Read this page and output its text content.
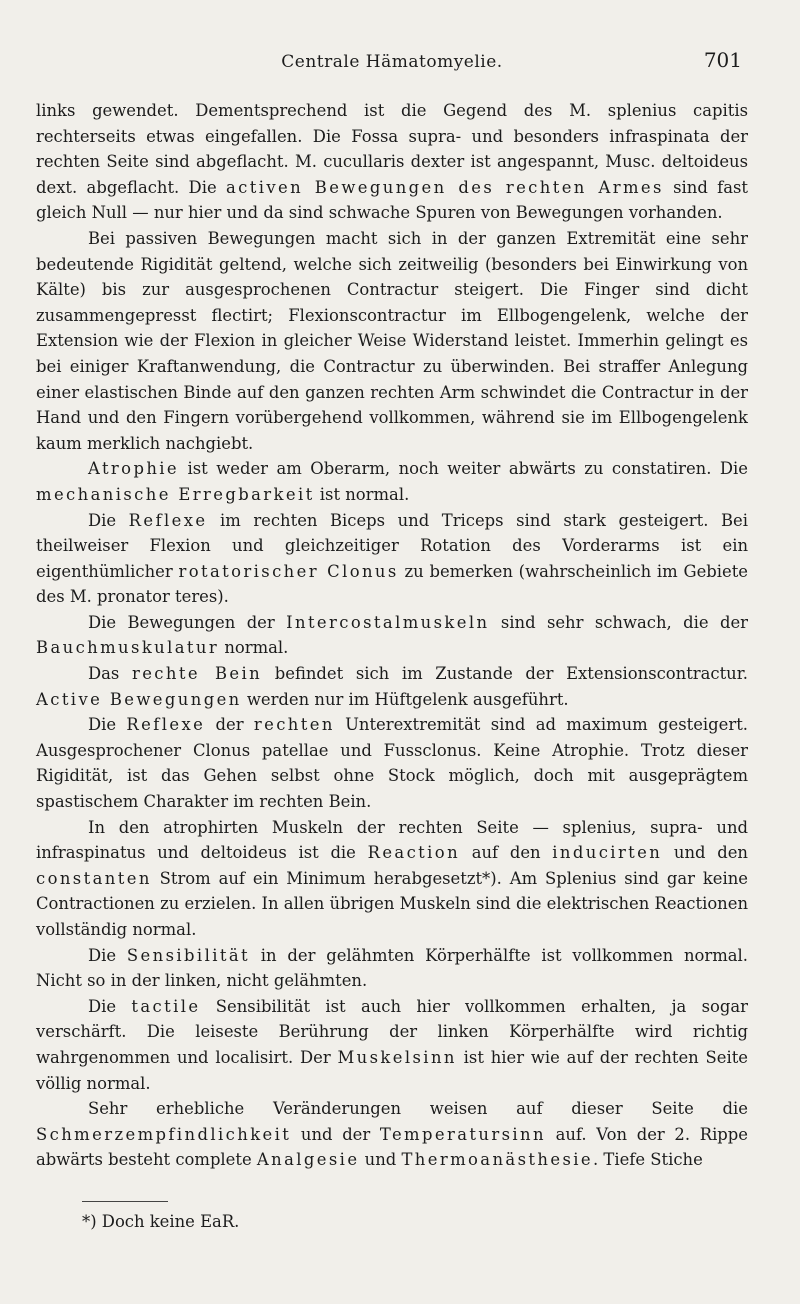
Centrale Hämatomyelie.	701

links gewendet. Dementsprechend ist die Gegend des M. splenius capitis rechterseits etwas eingefallen. Die Fossa supra- und besonders infraspinata der rechten Seite sind abgeflacht. M. cucullaris dexter ist angespannt, Musc. deltoideus dext. abgeflacht. Die activen Bewegungen des rechten Armes sind fast gleich Null — nur hier und da sind schwache Spuren von Bewegungen vorhanden.

Bei passiven Bewegungen macht sich in der ganzen Extremität eine sehr bedeutende Rigidität geltend, welche sich zeitweilig (besonders bei Einwirkung von Kälte) bis zur ausgesprochenen Contractur steigert. Die Finger sind dicht zusammengepresst flectirt; Flexionscontractur im Ellbogengelenk, welche der Extension wie der Flexion in gleicher Weise Widerstand leistet. Immerhin gelingt es bei einiger Kraftanwendung, die Contractur zu überwinden. Bei straffer Anlegung einer elastischen Binde auf den ganzen rechten Arm schwindet die Contractur in der Hand und den Fingern vorübergehend vollkommen, während sie im Ellbogengelenk kaum merklich nachgiebt.

Atrophie ist weder am Oberarm, noch weiter abwärts zu constatiren. Die mechanische Erregbarkeit ist normal.

Die Reflexe im rechten Biceps und Triceps sind stark gesteigert. Bei theilweiser Flexion und gleichzeitiger Rotation des Vorderarms ist ein eigenthümlicher rotatorischer Clonus zu bemerken (wahrscheinlich im Gebiete des M. pronator teres).

Die Bewegungen der Intercostalmuskeln sind sehr schwach, die der Bauchmuskulatur normal.

Das rechte Bein befindet sich im Zustande der Extensionscontractur. Active Bewegungen werden nur im Hüftgelenk ausgeführt.

Die Reflexe der rechten Unterextremität sind ad maximum gesteigert. Ausgesprochener Clonus patellae und Fussclonus. Keine Atrophie. Trotz dieser Rigidität, ist das Gehen selbst ohne Stock möglich, doch mit ausgeprägtem spastischem Charakter im rechten Bein.

In den atrophirten Muskeln der rechten Seite — splenius, supra- und infraspinatus und deltoideus ist die Reaction auf den inducirten und den constanten Strom auf ein Minimum herabgesetzt*). Am Splenius sind gar keine Contractionen zu erzielen. In allen übrigen Muskeln sind die elektrischen Reactionen vollständig normal.

Die Sensibilität in der gelähmten Körperhälfte ist vollkommen normal. Nicht so in der linken, nicht gelähmten.

Die tactile Sensibilität ist auch hier vollkommen erhalten, ja sogar verschärft. Die leiseste Berührung der linken Körperhälfte wird richtig wahrgenommen und localisirt. Der Muskelsinn ist hier wie auf der rechten Seite völlig normal.

Sehr erhebliche Veränderungen weisen auf dieser Seite die Schmerzempfindlichkeit und der Temperatursinn auf. Von der 2. Rippe abwärts besteht complete Analgesie und Thermoanästhesie. Tiefe Stiche

*) Doch keine EaR.
